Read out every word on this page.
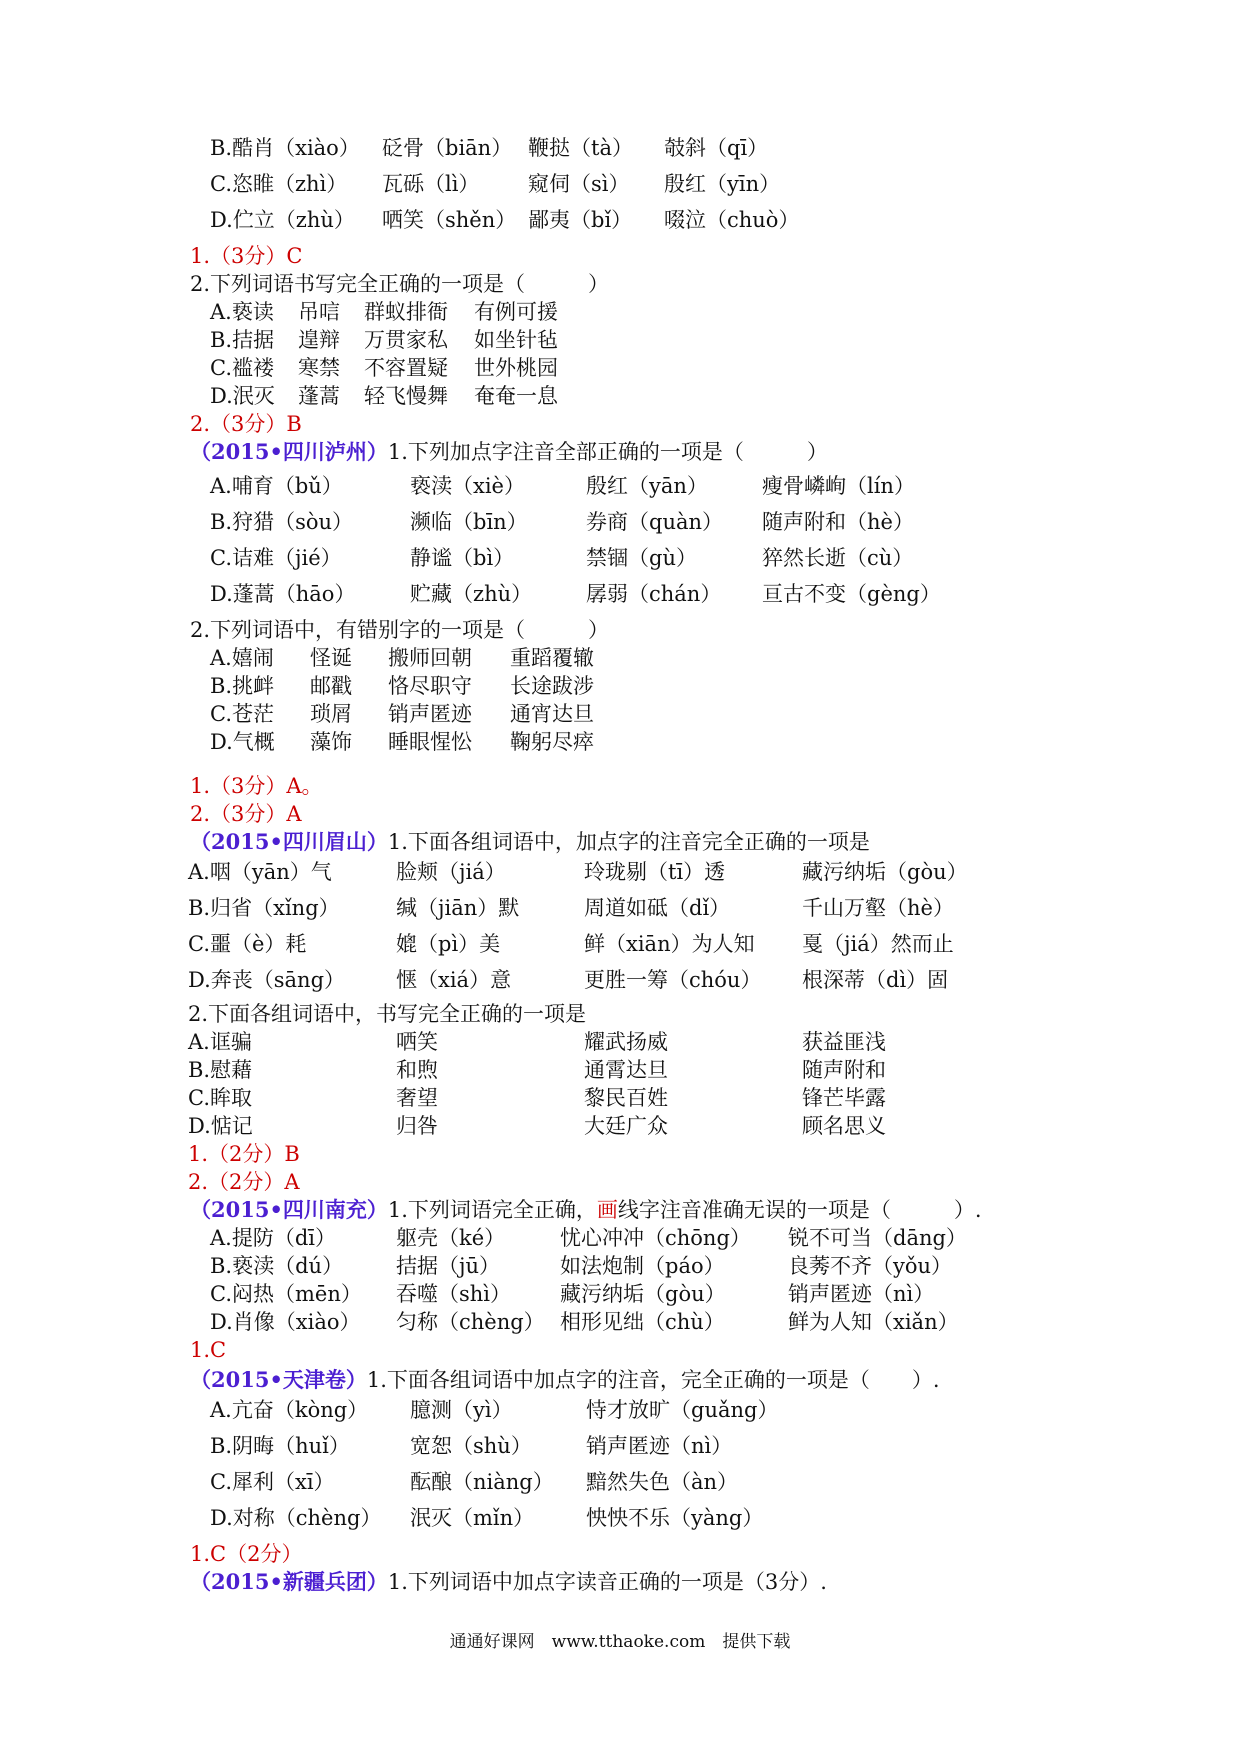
B.酷肖（xiào） 砭骨（biān） 鞭挞（tà） 攲斜（qī）
C.恣睢（zhì） 瓦砾（lì） 窥伺（sì） 殷红（yīn）
D.伫立（zhù） 哂笑（shěn） 鄙夷（bǐ） 啜泣（chuò）
1.（3分）C
2.下列词语书写完全正确的一项是（　　　）
A.亵读 吊唁 群蚁排衙 有例可援
B.拮据 遑辩 万贯家私 如坐针毡
C.褴褛 寒禁 不容置疑 世外桃园
D.泯灭 蓬蒿 轻飞慢舞 奄奄一息
2.（3分）B
（2015•四川泸州）1.下列加点字注音全部正确的一项是（　　　）
A.哺育（bǔ）	亵渎（xiè）	殷红（yān）	瘦骨嶙峋（lín）
B.狩猎（sòu）	濒临（bīn）	券商（quàn） 随声附和（hè）
C.诘难（jié）	静谧（bì）	禁锢（gù）	猝然长逝（cù）
D.蓬蒿（hāo）	贮藏（zhù）	孱弱（chán） 亘古不变（gèng）
2.下列词语中，有错别字的一项是（　　　）
A.嬉闹 怪诞 搬师回朝 重蹈覆辙
B.挑衅 邮戳 恪尽职守 长途跋涉
C.苍茫 琐屑 销声匿迹 通宵达旦
D.气概 藻饰 睡眼惺忪 鞠躬尽瘁
1.（3分）A。
2.（3分）A
（2015•四川眉山）1.下面各组词语中，加点字的注音完全正确的一项是
A.咽（yān）气	脸颊（jiá）	玲珑剔（tī）透	藏污纳垢（gòu）
B.归省（xǐng）	缄（jiān）默	周道如砥（dǐ）	千山万壑（hè）
C.噩（è）耗	媲（pì）美	鲜（xiān）为人知 戛（jiá）然而止
D.奔丧（sāng） 惬（xiá）意	更胜一筹（chóu） 根深蒂（dì）固
2.下面各组词语中，书写完全正确的一项是
A.诓骗	哂笑	耀武扬威	获益匪浅
B.慰藉	和煦	通霄达旦	随声附和
C.眸取	奢望	黎民百姓	锋芒毕露
D.惦记	归咎	大廷广众	顾名思义
1.（2分）B
2.（2分）A
（2015•四川南充）1.下列词语完全正确，画线字注音准确无误的一项是（　　　）.
A.提防（dī）	躯壳（ké）	忧心冲冲（chōng） 锐不可当（dāng）
B.亵渎（dú）	拮据（jū）	如法炮制（páo）	良莠不齐（yǒu）
C.闷热（mēn） 吞噬（shì） 藏污纳垢（gòu）	销声匿迹（nì）
D.肖像（xiào） 匀称（chèng） 相形见绌（chù）	鲜为人知（xiǎn）
1.C
（2015•天津卷）1.下面各组词语中加点字的注音，完全正确的一项是（　　）.
A.亢奋（kòng） 臆测（yì）	恃才放旷（guǎng）
B.阴晦（huǐ）	宽恕（shù）	销声匿迹（nì）
C.犀利（xī）	酝酿（niàng） 黯然失色（àn）
D.对称（chèng） 泯灭（mǐn） 怏怏不乐（yàng）
1.C（2分）
（2015•新疆兵团）1.下列词语中加点字读音正确的一项是（3分）.
通通好课网　www.tthaoke.com　提供下载
